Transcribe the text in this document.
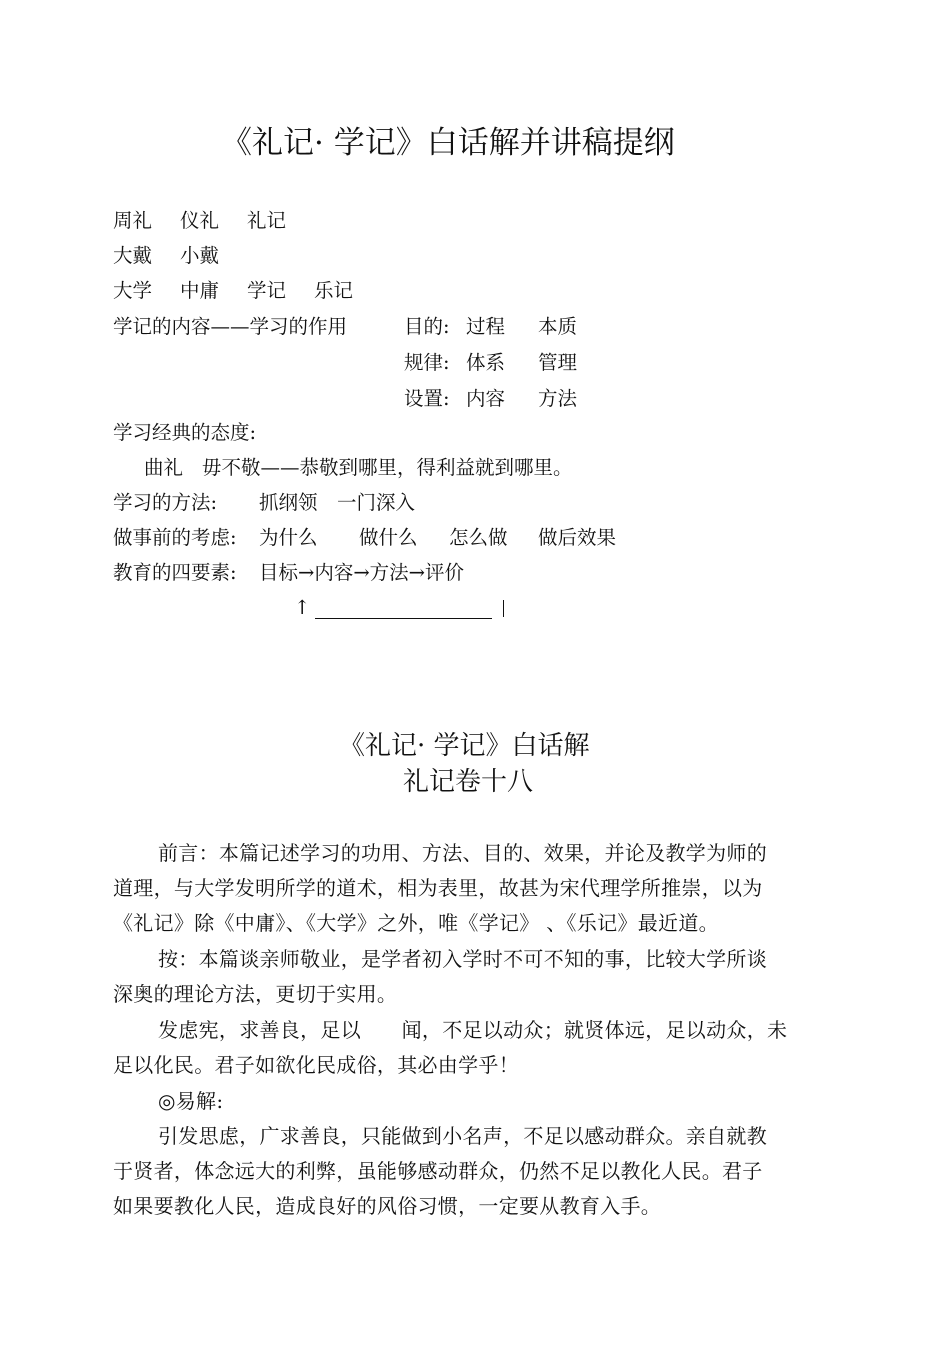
《礼记· 学记》白话解并讲稿提纲
周礼 仪礼 礼记
大戴 小戴
大学 中庸 学记 乐记
学记的内容——学习的作用	目的: 过程 本质
规律: 体系 管理
设置: 内容 方法
学习经典的态度:
曲礼 毋不敬——恭敬到哪里，得利益就到哪里。
学习的方法: 抓纲领 一门深入
做事前的考虑: 为什么 做什么 怎么做 做后效果
教育的四要素: 目标→内容→方法→评价
↑
《礼记· 学记》白话解
礼记卷十八
前言：本篇记述学习的功用、方法、目的、效果，并论及教学为师的
道理，与大学发明所学的道术，相为表里，故甚为宋代理学所推崇，以为
《礼记》除《中庸》、《大学》之外，唯《学记》 、《乐记》最近道。
按：本篇谈亲师敬业，是学者初入学时不可不知的事，比较大学所谈
深奥的理论方法，更切于实用。
发虑宪，求善良，足以　　闻，不足以动众；就贤体远，足以动众，未
足以化民。君子如欲化民成俗，其必由学乎！
◎易解:
引发思虑，广求善良，只能做到小名声，不足以感动群众。亲自就教
于贤者，体念远大的利弊，虽能够感动群众，仍然不足以教化人民。君子
如果要教化人民，造成良好的风俗习惯，一定要从教育入手。
